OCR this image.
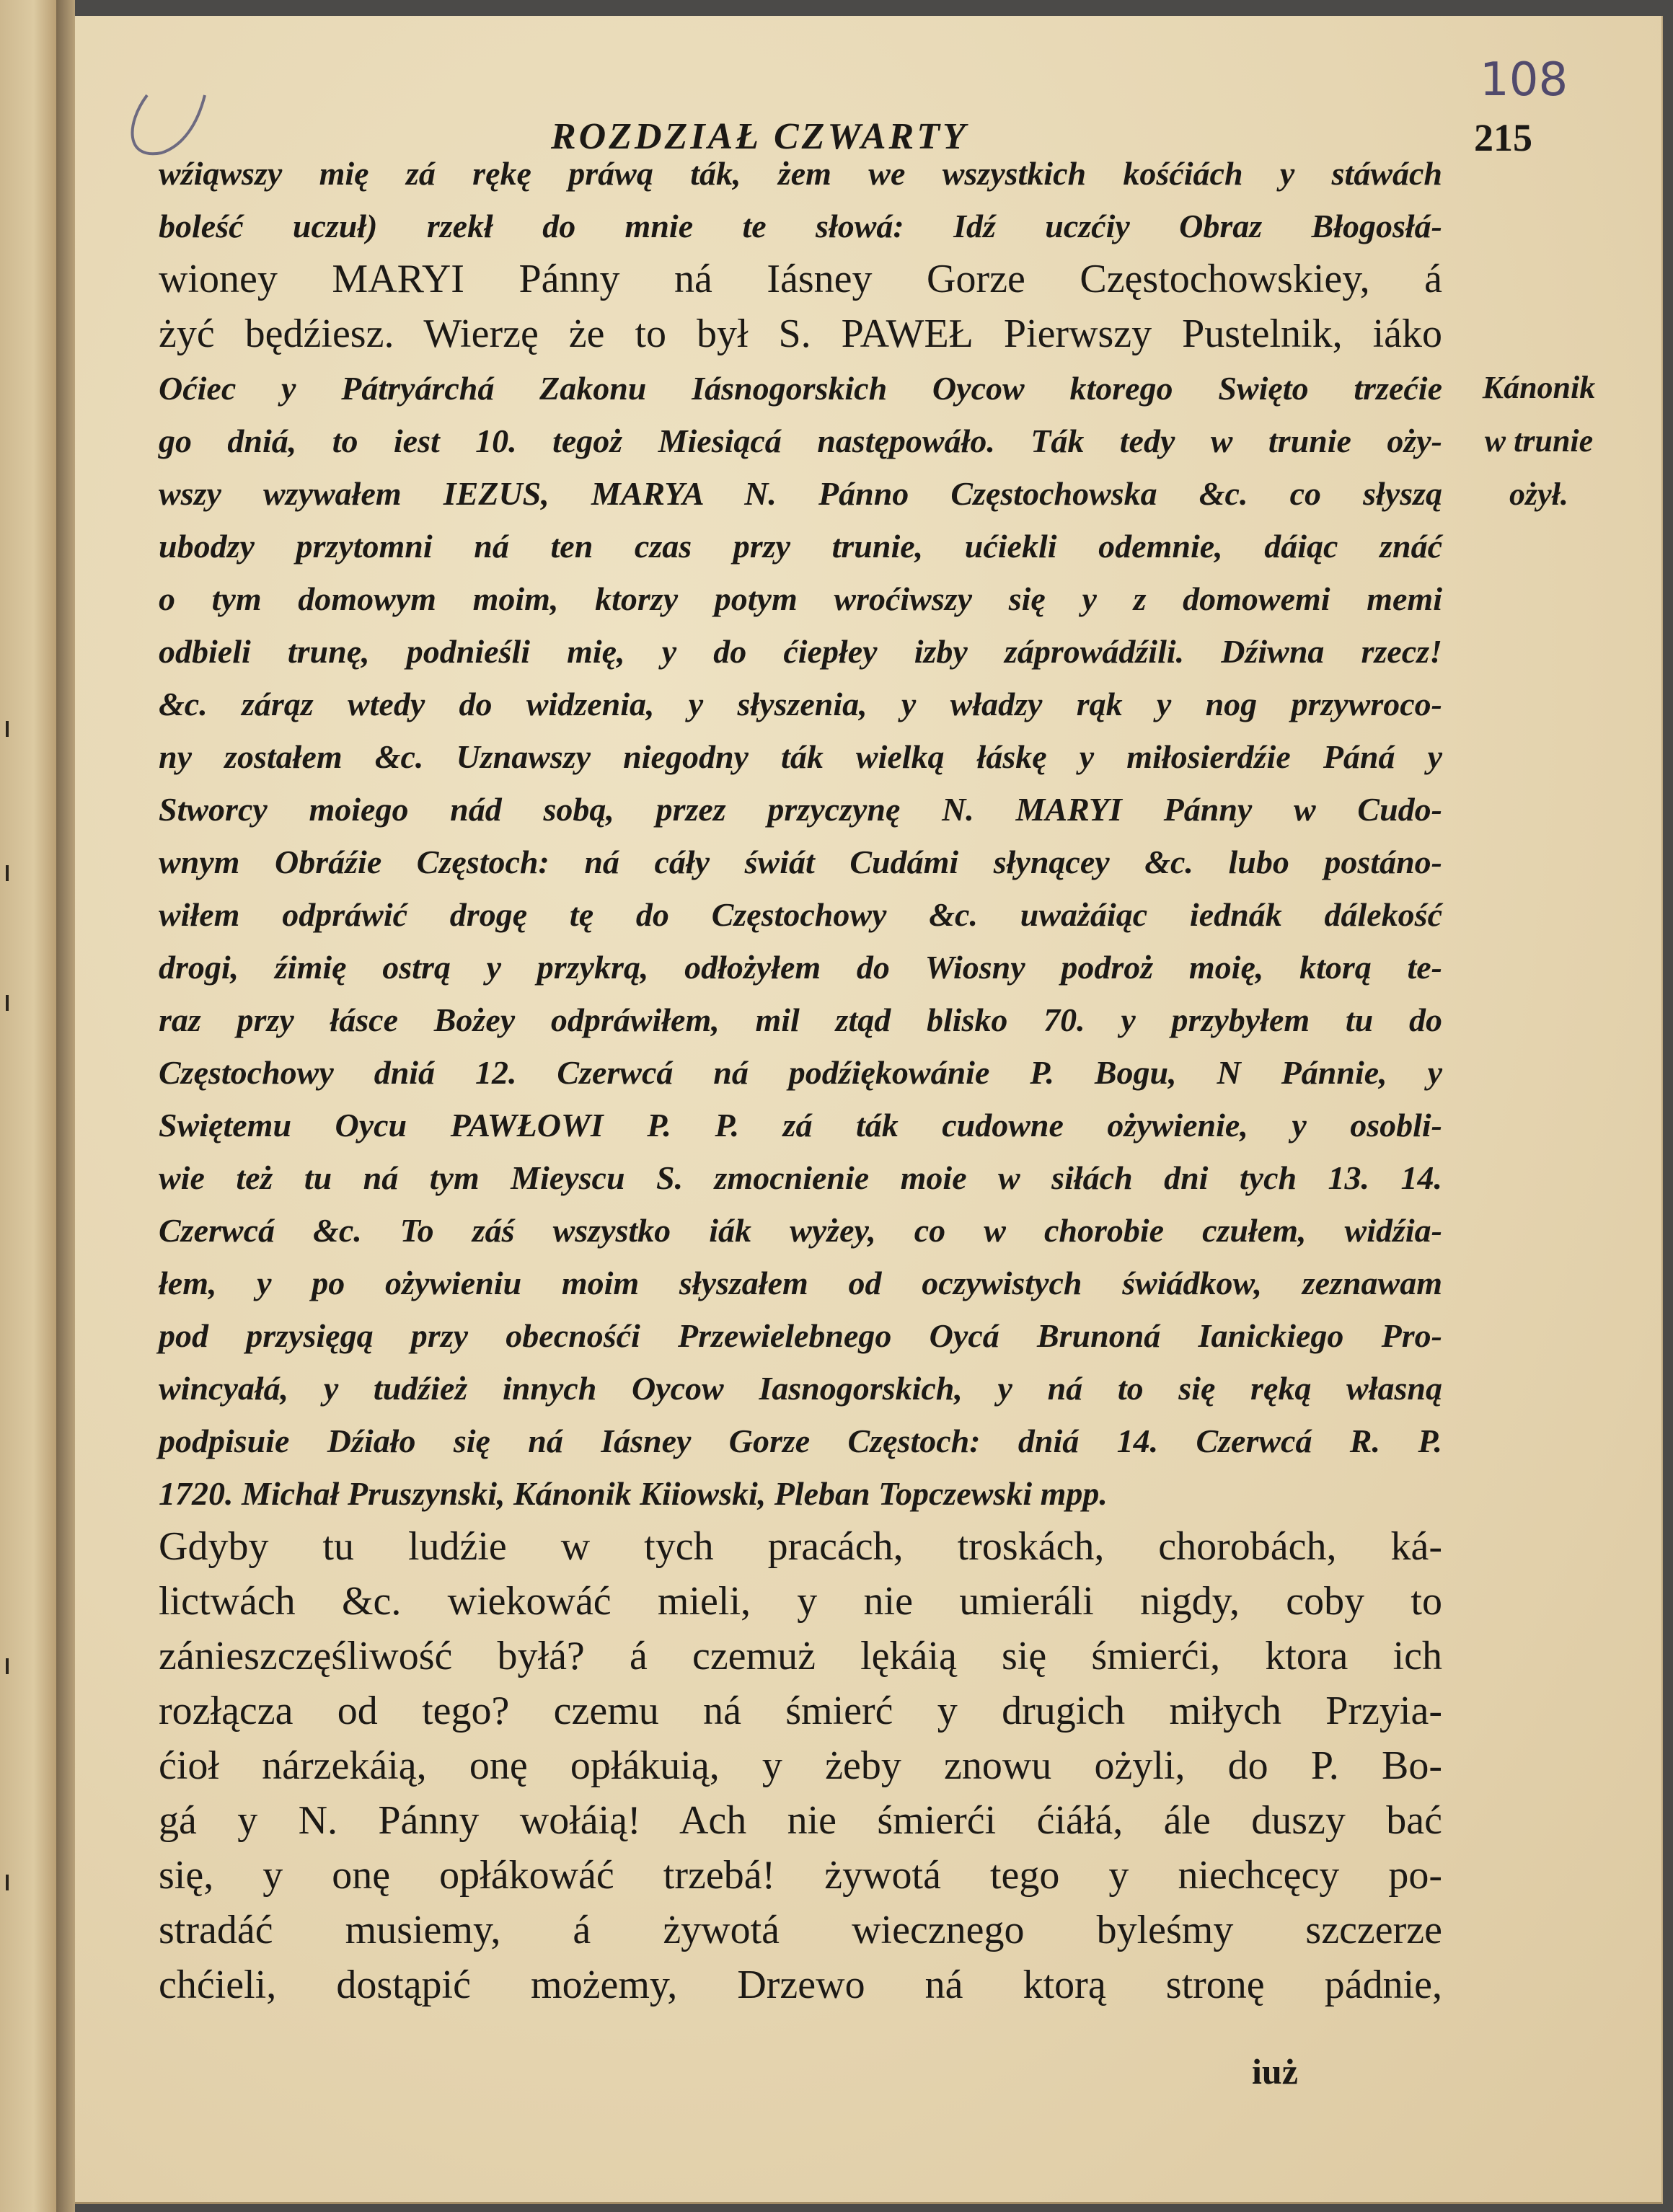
108
ROZDZIAŁ CZWARTY	215
wźiąwszy mię zá rękę práwą ták, żem we wszystkich kośćiách y stáwách
boleść uczuł) rzekł do mnie te słowá: Idź uczćiy Obraz Błogosłá-
wioney MARYI Pánny ná Iásney Gorze Częstochowskiey, á
żyć będźiesz. Wierzę że to był S. PAWEŁ Pierwszy Pustelnik, iáko
Oćiec y Pátryárchá Zakonu Iásnogorskich Oycow ktorego Swięto trzećie
go dniá, to iest 10. tegoż Miesiącá następowáło. Ták tedy w trunie oży-
wszy wzywałem IEZUS, MARYA N. Pánno Częstochowska &c. co słyszą
ubodzy przytomni ná ten czas przy trunie, ućiekli odemnie, dáiąc znáć
o tym domowym moim, ktorzy potym wroćiwszy się y z domowemi memi
odbieli trunę, podnieśli mię, y do ćiepłey izby záprowádźili. Dźiwna rzecz!
&c. zárąz wtedy do widzenia, y słyszenia, y władzy rąk y nog przywroco-
ny zostałem &c. Uznawszy niegodny ták wielką łáskę y miłosierdźie Páná y
Stworcy moiego nád sobą, przez przyczynę N. MARYI Pánny w Cudo-
wnym Obráźie Częstoch: ná cáły świát Cudámi słynącey &c. lubo postáno-
wiłem odpráwić drogę tę do Częstochowy &c. uważáiąc iednák dálekość
drogi, źimię ostrą y przykrą, odłożyłem do Wiosny podroż moię, ktorą te-
raz przy łásce Bożey odpráwiłem, mil ztąd blisko 70. y przybyłem tu do
Częstochowy dniá 12. Czerwcá ná podźiękowánie P. Bogu, N Pánnie, y
Swiętemu Oycu PAWŁOWI P. P. zá ták cudowne ożywienie, y osobli-
wie też tu ná tym Mieyscu S. zmocnienie moie w siłách dni tych 13. 14.
Czerwcá &c. To záś wszystko iák wyżey, co w chorobie czułem, widźia-
łem, y po ożywieniu moim słyszałem od oczywistych świádkow, zeznawam
pod przysięgą przy obecnośći Przewielebnego Oycá Brunoná Ianickiego Pro-
wincyałá, y tudźież innych Oycow Iasnogorskich, y ná to się ręką własną
podpisuie Dźiało się ná Iásney Gorze Częstoch: dniá 14. Czerwcá R. P.
1720. Michał Pruszynski, Kánonik Kiiowski, Pleban Topczewski mpp.
Gdyby tu ludźie w tych pracách, troskách, chorobách, ká-
lictwách &c. wiekowáć mieli, y nie umieráli nigdy, coby to
zánieszczęśliwość byłá? á czemuż lękáią się śmierći, ktora ich
rozłącza od tego? czemu ná śmierć y drugich miłych Przyia-
ćioł nárzekáią, onę opłákuią, y żeby znowu ożyli, do P. Bo-
gá y N. Pánny wołáią! Ach nie śmierći ćiáłá, ále duszy bać
się, y onę opłákowáć trzebá! żywotá tego y niechcęcy po-
stradáć musiemy, á żywotá wiecznego byleśmy szczerze
chćieli, dostąpić możemy, Drzewo ná ktorą stronę pádnie,
Kánonik
w trunie
ożył.
iuż
